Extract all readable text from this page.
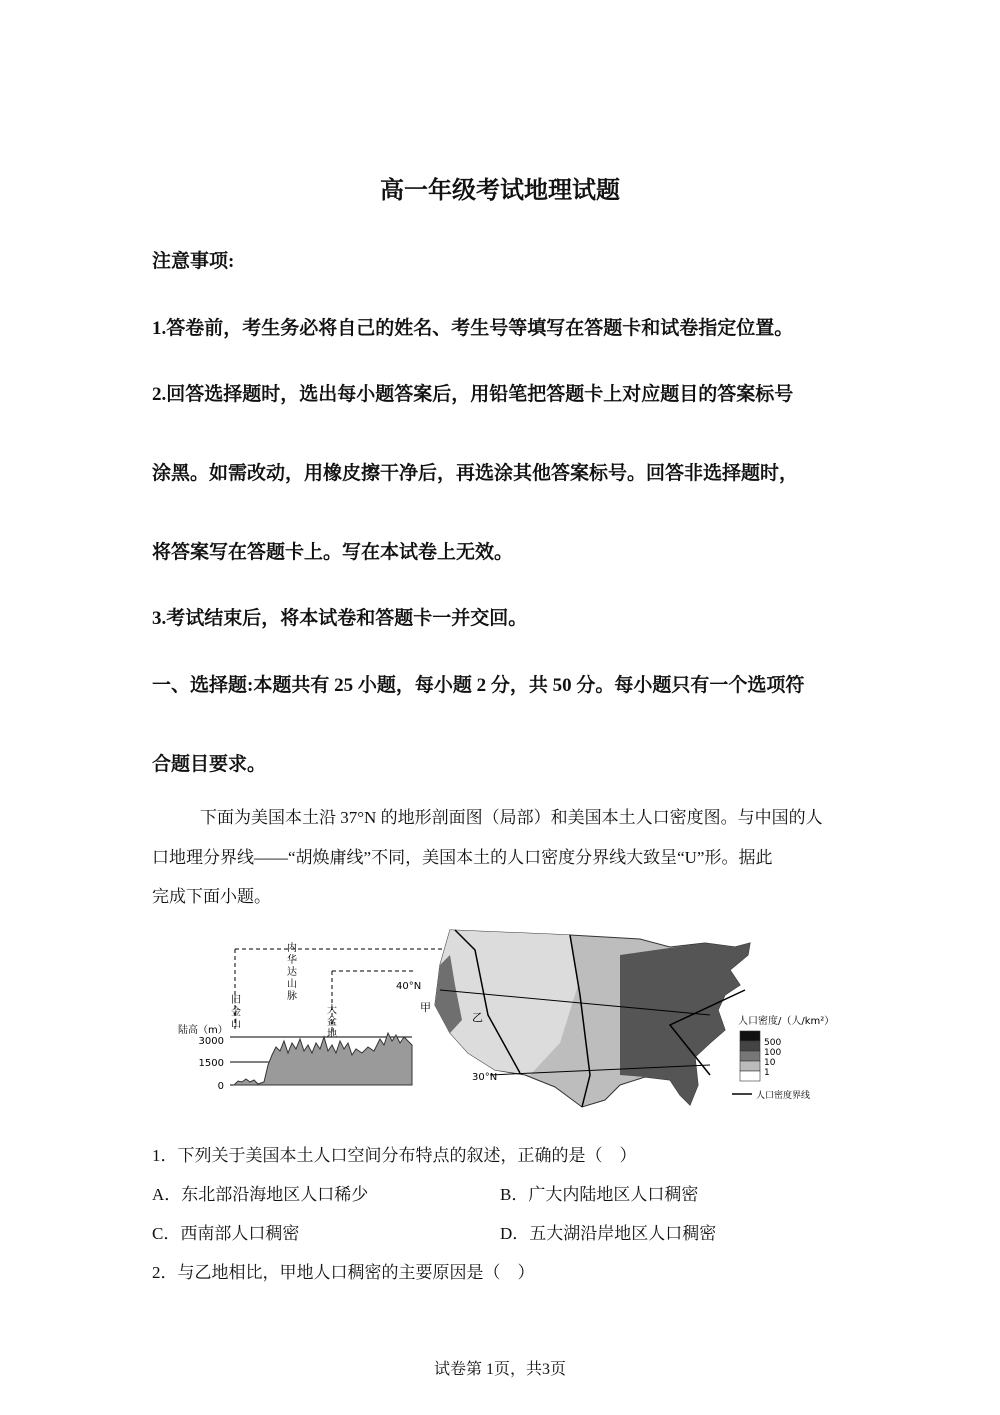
高一年级考试地理试题
注意事项:
1.答卷前，考生务必将自己的姓名、考生号等填写在答题卡和试卷指定位置。
2.回答选择题时，选出每小题答案后，用铅笔把答题卡上对应题目的答案标号
涂黑。如需改动，用橡皮擦干净后，再选涂其他答案标号。回答非选择题时，
将答案写在答题卡上。写在本试卷上无效。
3.考试结束后，将本试卷和答题卡一并交回。
一、选择题:本题共有 25 小题，每小题 2 分，共 50 分。每小题只有一个选项符
合题目要求。
下面为美国本土沿 37°N 的地形剖面图（局部）和美国本土人口密度图。与中国的人
口地理分界线——“胡焕庸线”不同，美国本土的人口密度分界线大致呈“U”形。据此
完成下面小题。
陆高（m）
3000
1500
0
旧金山
内华达山脉
大盆地
40°N
30°N
甲
乙	人口密度/（人/km²）
500
100
10
1
人口密度界线
1．下列关于美国本土人口空间分布特点的叙述，正确的是（　）
A．东北部沿海地区人口稀少	B．广大内陆地区人口稠密
C．西南部人口稠密	D．五大湖沿岸地区人口稠密
2．与乙地相比，甲地人口稠密的主要原因是（　）
试卷第 1页，共3页
